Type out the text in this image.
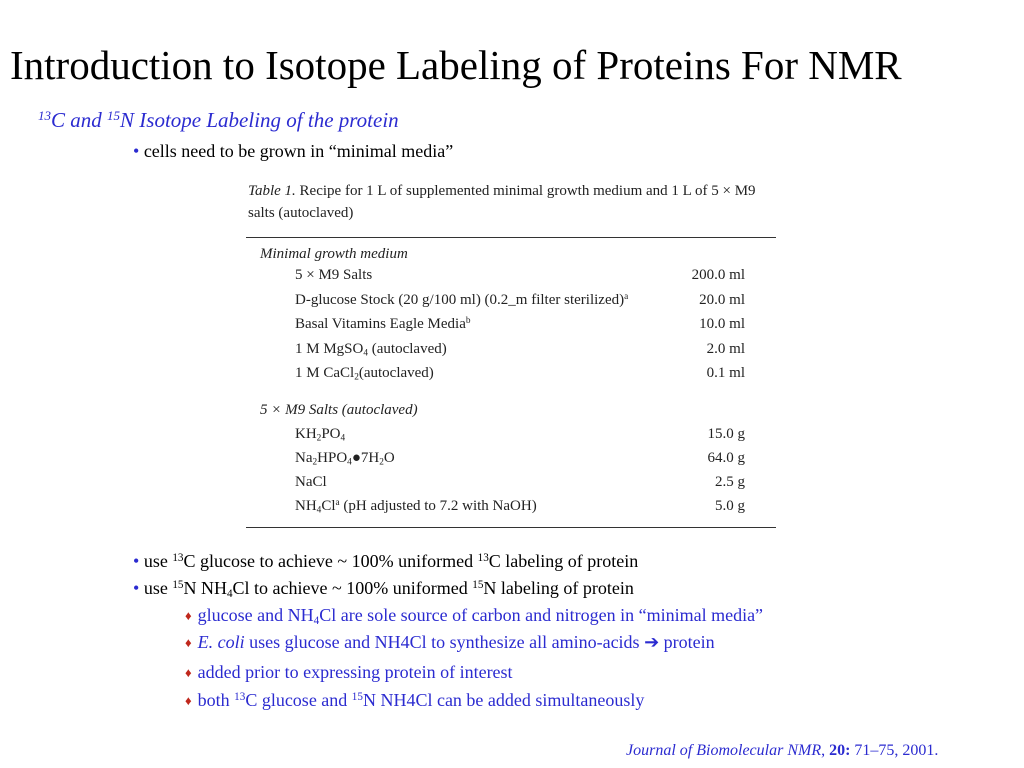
Introduction to Isotope Labeling of Proteins For NMR
$^{13}$C and $^{15}$N Isotope Labeling of the protein
• cells need to be grown in “minimal media”
Table 1. Recipe for 1 L of supplemented minimal growth medium and 1 L of 5 × M9 salts (autoclaved)
Minimal growth medium
5 × M9 Salts	200.0 ml
D-glucose Stock (20 g/100 ml) (0.2_m filter sterilized)$^a$	20.0 ml
Basal Vitamins Eagle Media$^b$	10.0 ml
1 M MgSO$_4$ (autoclaved)	2.0 ml
1 M CaCl$_2$(autoclaved)	0.1 ml
5 × M9 Salts (autoclaved)
$KH_2PO_4$	15.0 g
$Na_2HPO_4●7H_2O$	64.0 g
NaCl	2.5 g
$NH_4Cl^a$ (pH adjusted to 7.2 with NaOH)	5.0 g
• use $^{13}$C glucose to achieve ~ 100% uniformed $^{13}$C labeling of protein
• use $^{15}$N $NH_4Cl$ to achieve ~ 100% uniformed $^{15}$N labeling of protein
♦ glucose and $NH_4Cl$ are sole source of carbon and nitrogen in “minimal media”
♦ E. coli uses glucose and NH4Cl to synthesize all amino-acids ➔ protein
♦ added prior to expressing protein of interest
♦ both $^{13}$C glucose and $^{15}$N NH4Cl can be added simultaneously
Journal of Biomolecular NMR, 20: 71–75, 2001.
